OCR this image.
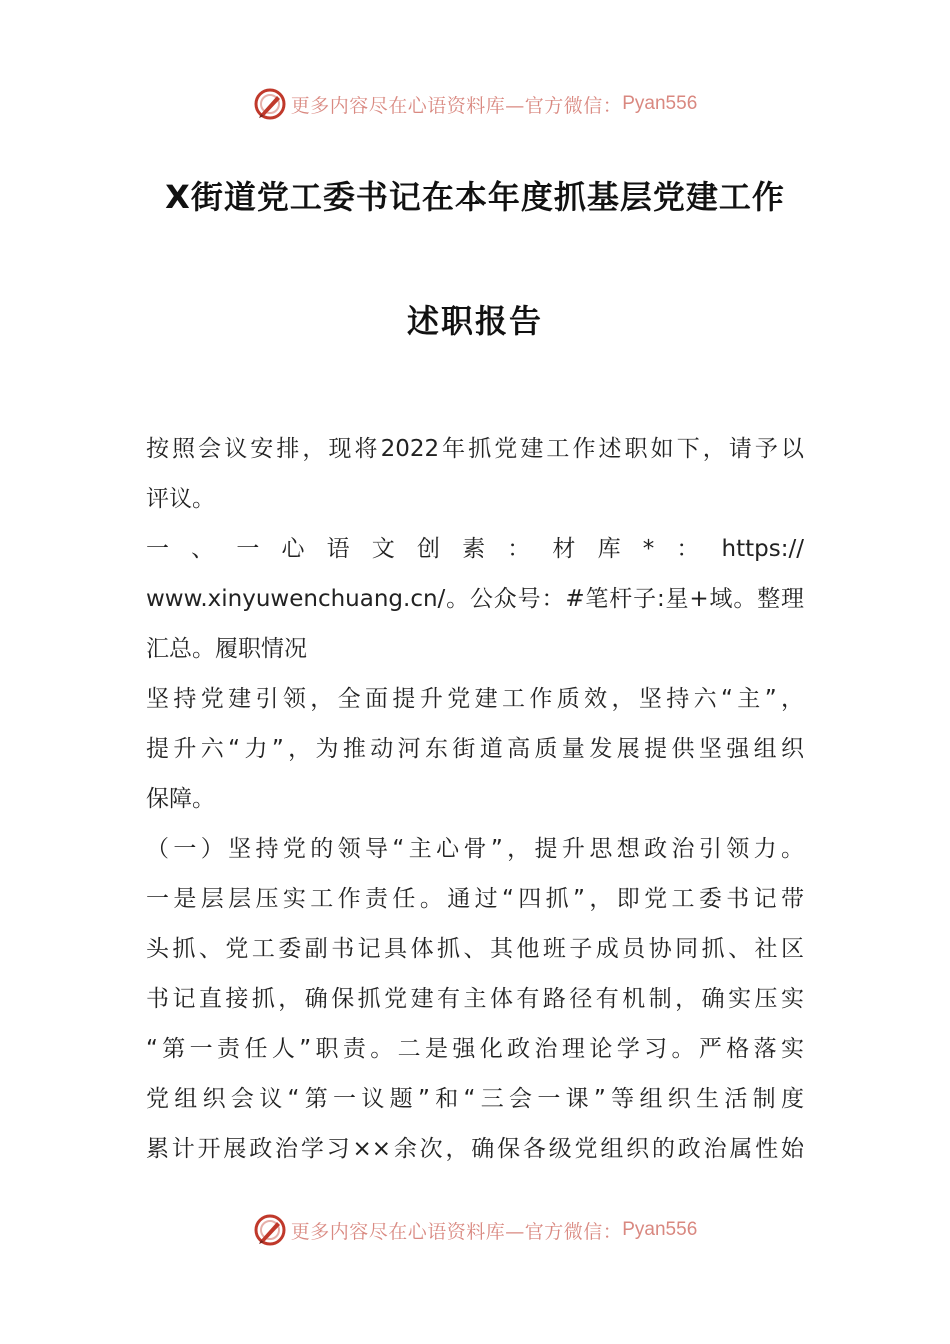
更多内容尽在心语资料库—官方微信： Pyan556
X街道党工委书记在本年度抓基层党建工作
述职报告
按照会议安排，现将2022年抓党建工作述职如下，请予以
评议。
一、一心语文创素：材库*：https://
www.xinyuwenchuang.cn/。公众号：#笔杆子:星+域。整理
汇总。履职情况
坚持党建引领，全面提升党建工作质效，坚持六“主”，
提升六“力”，为推动河东街道高质量发展提供坚强组织
保障。
（一）坚持党的领导“主心骨”，提升思想政治引领力。
一是层层压实工作责任。通过“四抓”，即党工委书记带
头抓、党工委副书记具体抓、其他班子成员协同抓、社区
书记直接抓，确保抓党建有主体有路径有机制，确实压实
“第一责任人”职责。二是强化政治理论学习。严格落实
党组织会议“第一议题”和“三会一课”等组织生活制度
累计开展政治学习××余次，确保各级党组织的政治属性始
更多内容尽在心语资料库—官方微信： Pyan556
